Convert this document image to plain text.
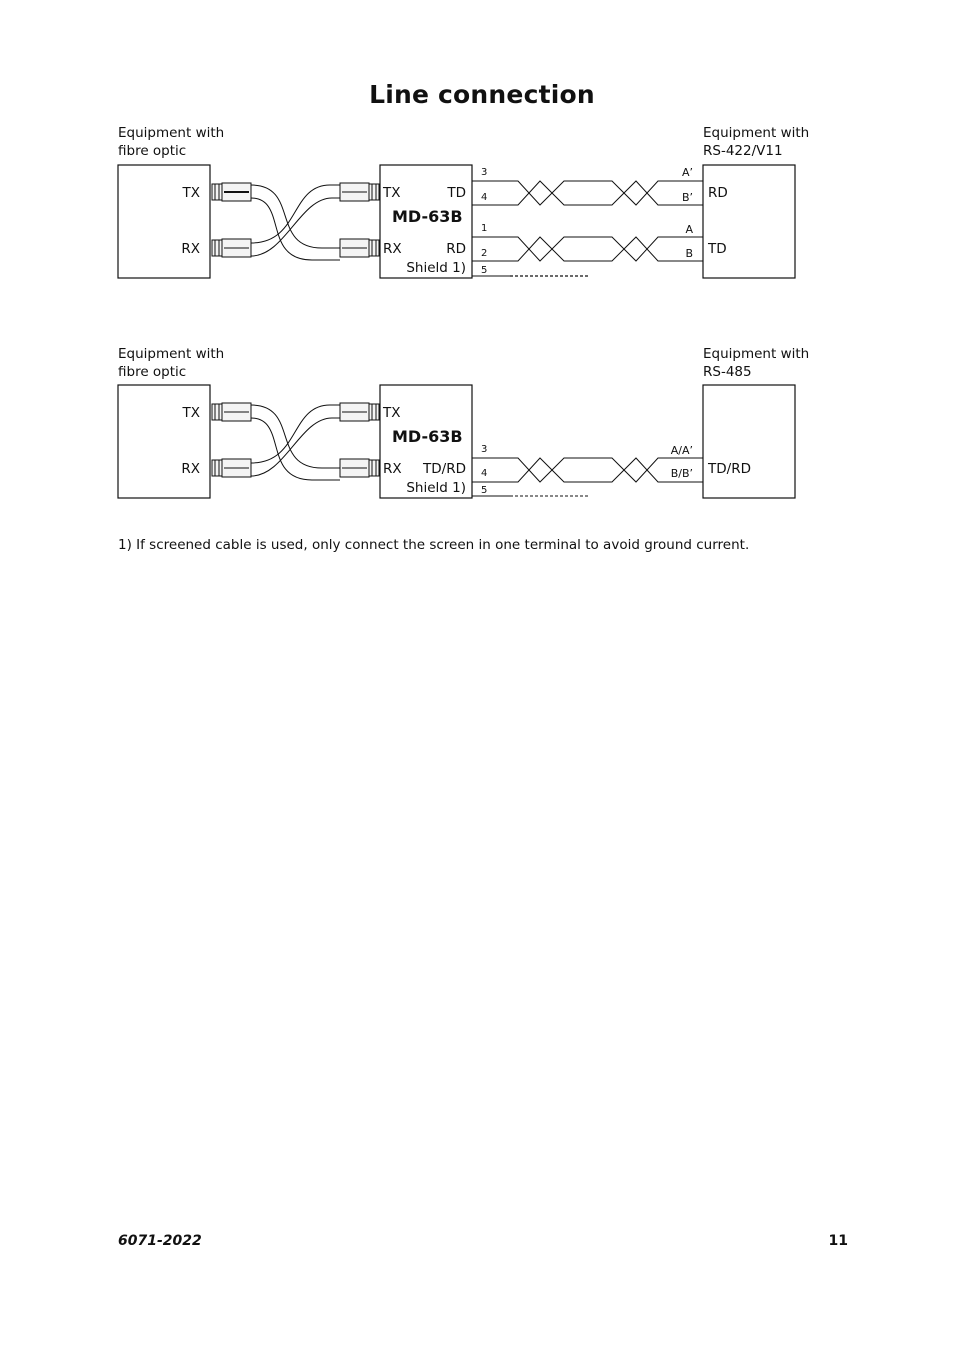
Line connection
Equipment with
fibre optic
Equipment with
RS-422/V11
TX
RX
TX	TD
MD-63B
RX	RD
Shield 1)
RD
TD
3
4
1
2
5
A’
B’
A
B
Equipment with
fibre optic
Equipment with
RS-485
TX
RX
TX
MD-63B
RX TD/RD
Shield 1)
TD/RD
3
4
5
A/A’
B/B’
1) If screened cable is used, only connect the screen in one terminal to avoid ground current.
6071-2022	11
